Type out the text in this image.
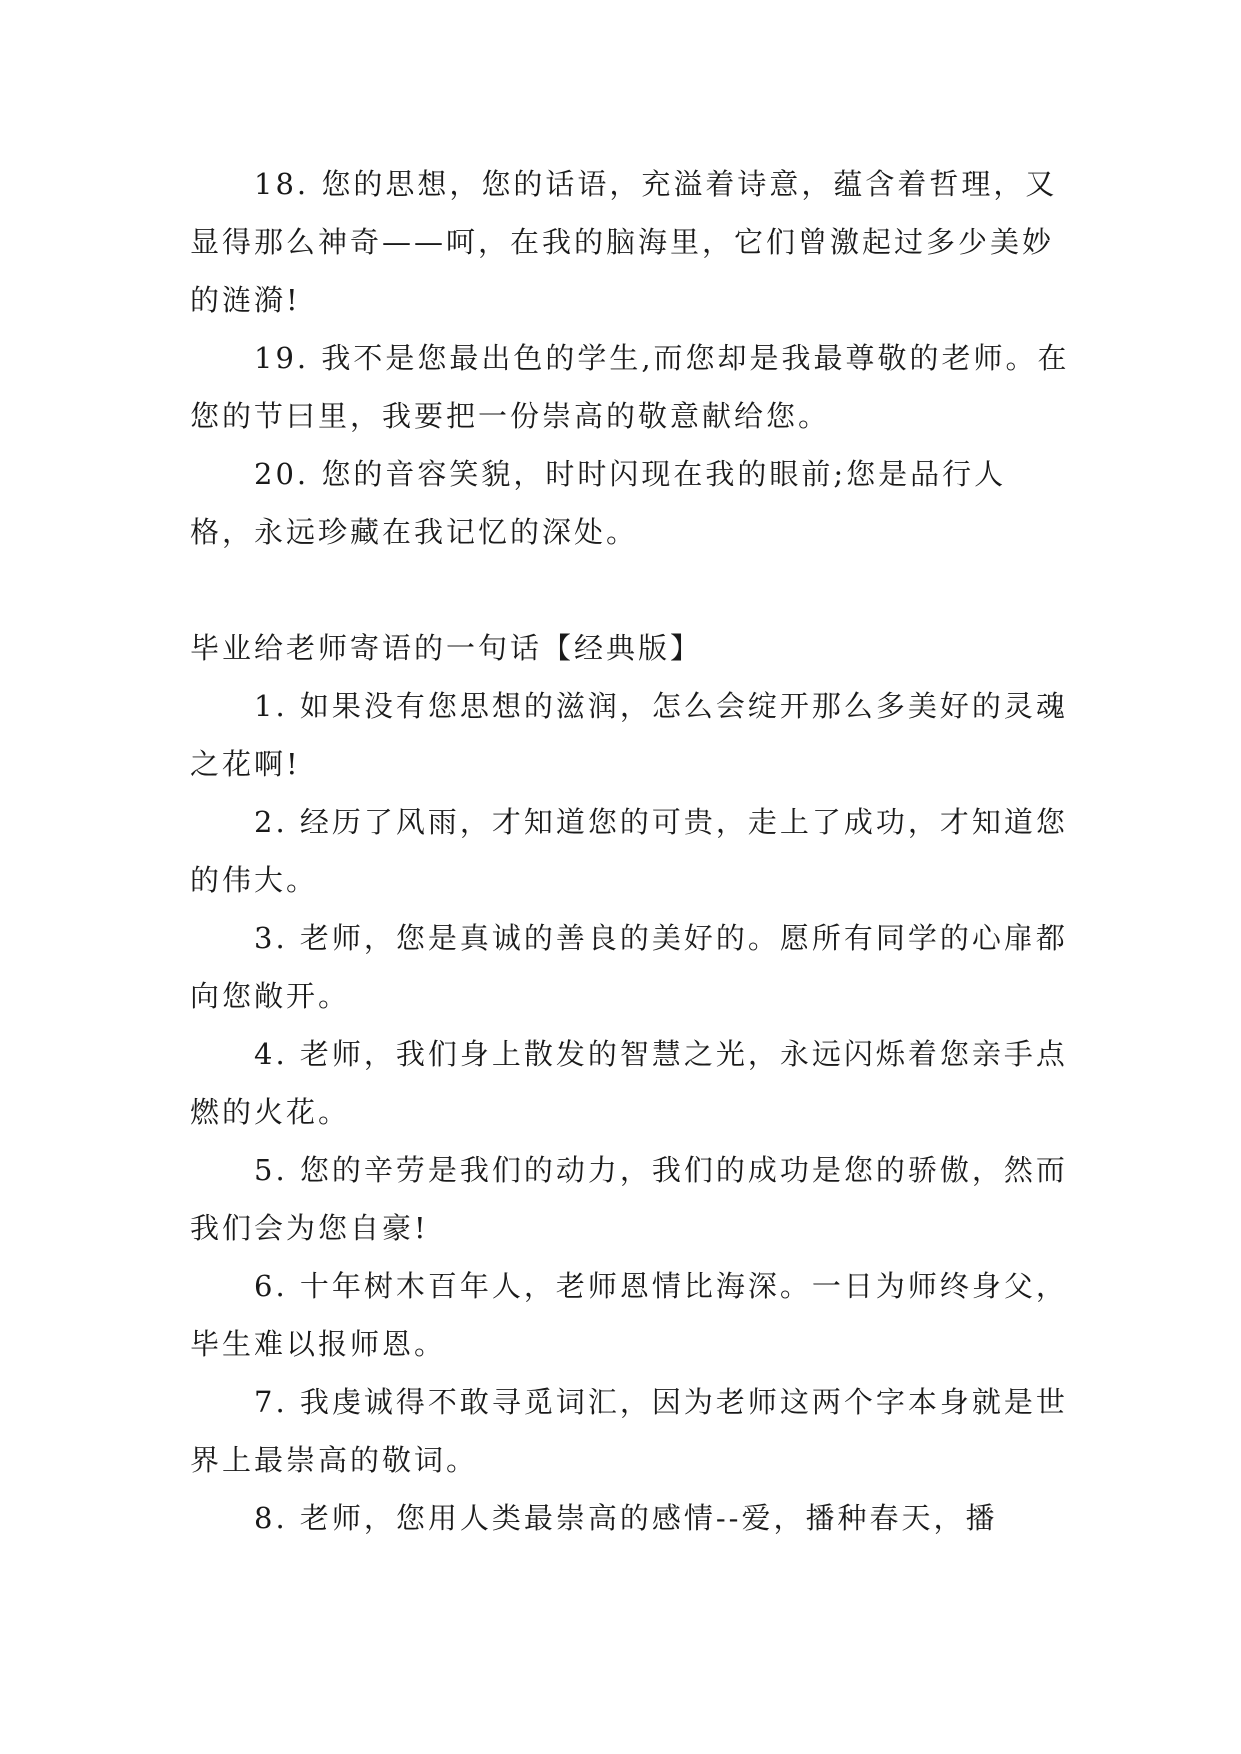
18. 您的思想，您的话语，充溢着诗意，蕴含着哲理，又显得那么神奇——呵，在我的脑海里，它们曾激起过多少美妙的涟漪!

19. 我不是您最出色的学生,而您却是我最尊敬的老师。在您的节曰里，我要把一份崇高的敬意献给您。

20. 您的音容笑貌，时时闪现在我的眼前;您是品行人格，永远珍藏在我记忆的深处。

毕业给老师寄语的一句话【经典版】

1. 如果没有您思想的滋润，怎么会绽开那么多美好的灵魂之花啊!

2. 经历了风雨，才知道您的可贵，走上了成功，才知道您的伟大。

3. 老师，您是真诚的善良的美好的。愿所有同学的心扉都向您敞开。

4. 老师，我们身上散发的智慧之光，永远闪烁着您亲手点燃的火花。

5. 您的辛劳是我们的动力，我们的成功是您的骄傲，然而我们会为您自豪!

6. 十年树木百年人，老师恩情比海深。一日为师终身父，毕生难以报师恩。

7. 我虔诚得不敢寻觅词汇，因为老师这两个字本身就是世界上最崇高的敬词。

8. 老师，您用人类最崇高的感情--爱，播种春天，播
